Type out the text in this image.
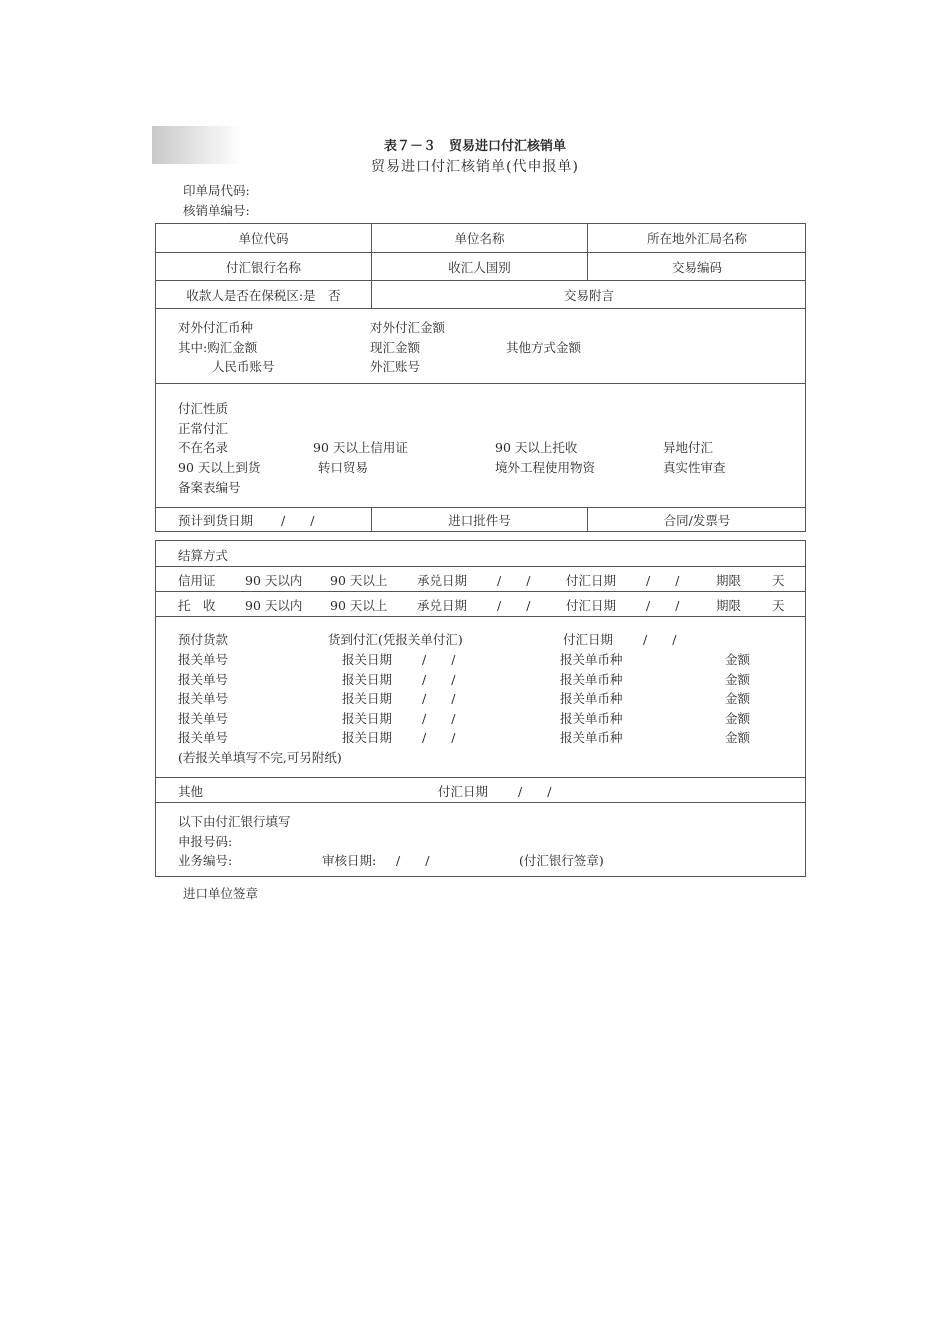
表７－３　贸易进口付汇核销单
贸易进口付汇核销单(代申报单)
印单局代码:
核销单编号:
单位代码	单位名称	所在地外汇局名称
付汇银行名称	收汇人国别	交易编码
收款人是否在保税区:是　否	交易附言
对外付汇币种	对外付汇金额
其中:购汇金额	现汇金额	其他方式金额
人民币账号	外汇账号
付汇性质
正常付汇
不在名录	90 天以上信用证	90 天以上托收	异地付汇
90 天以上到货	转口贸易	境外工程使用物资	真实性审查
备案表编号
预计到货日期 /　　/	进口批件号	合同/发票号
结算方式
信用证 90 天以内 90 天以上 承兑日期 /　　/	付汇日期 /　　/	期限 天
托　收 90 天以内 90 天以上 承兑日期 /　　/	付汇日期 /　　/	期限 天
预付货款	货到付汇(凭报关单付汇)	付汇日期 /　　/
(若报关单填写不完,可另附纸)
报关单号	报关日期 /　　/	报关单币种	金额
报关单号	报关日期 /　　/	报关单币种	金额
报关单号	报关日期 /　　/	报关单币种	金额
报关单号	报关日期 /　　/	报关单币种	金额
报关单号	报关日期 /　　/	报关单币种	金额
其他	付汇日期 /　　/
以下由付汇银行填写
申报号码:
业务编号:	审核日期: /　　/	(付汇银行签章)
进口单位签章
